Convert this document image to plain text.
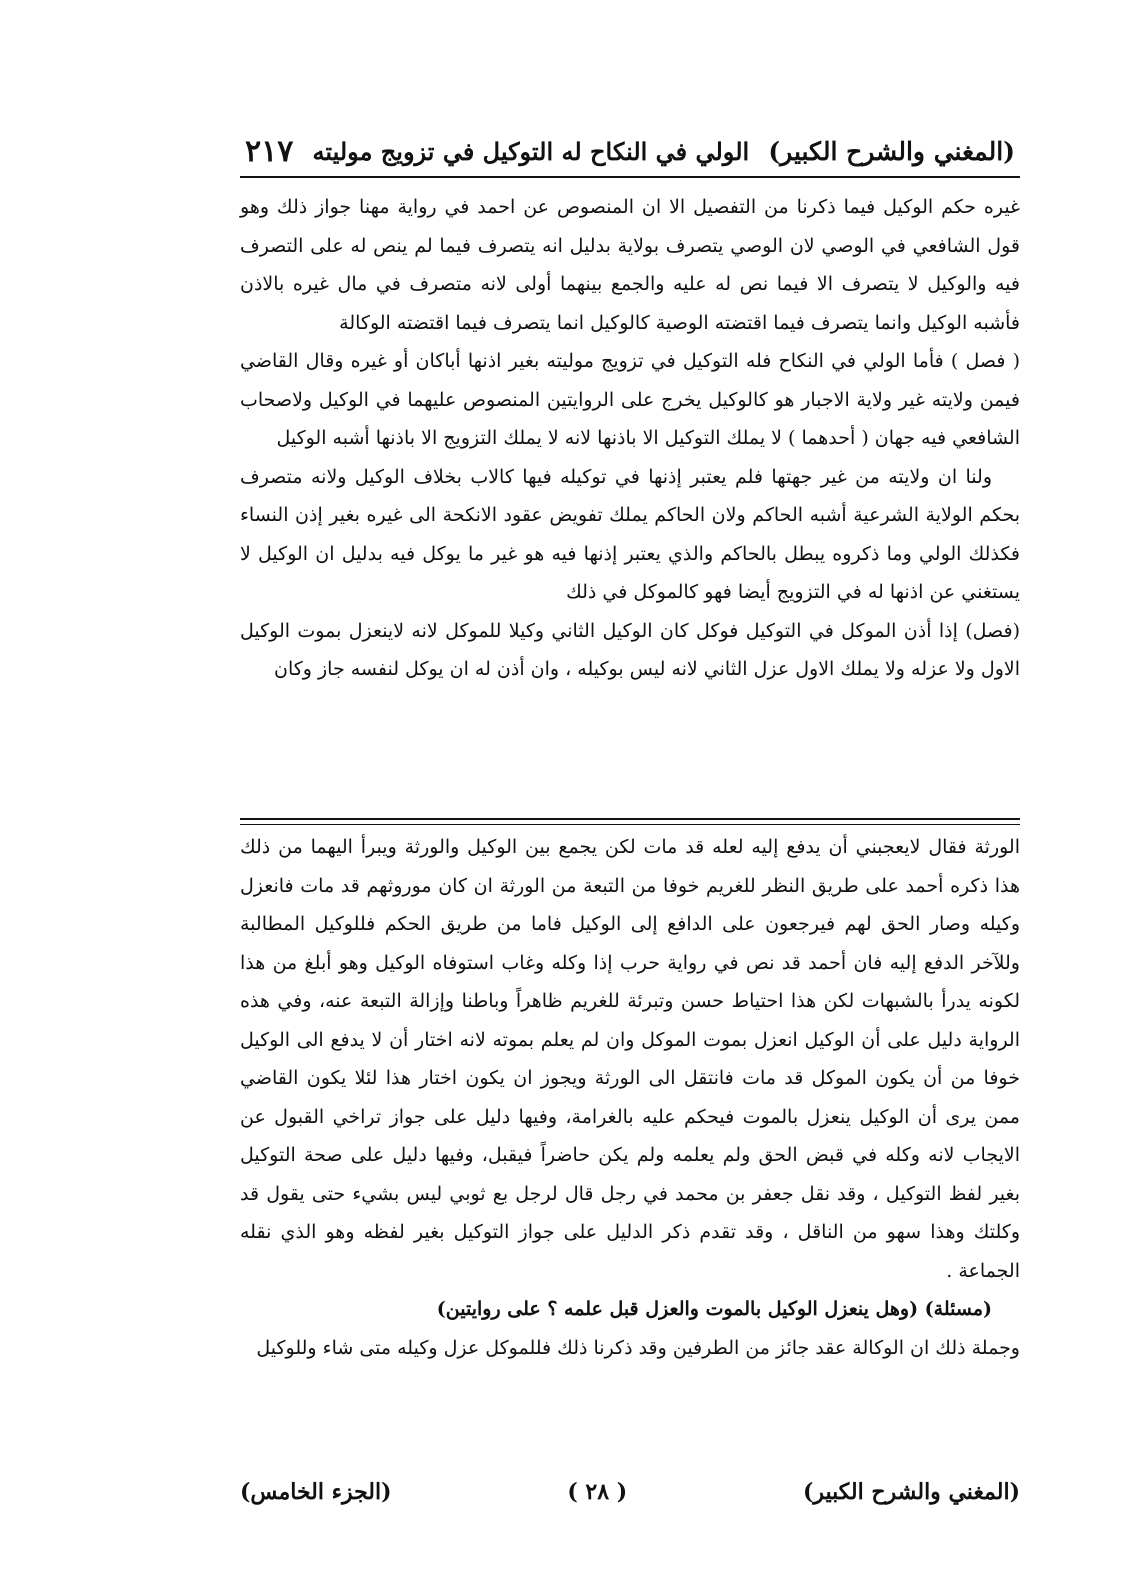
(المغني والشرح الكبير)
الولي في النكاح له التوكيل في تزويج موليته
٢١٧

غيره حكم الوكيل فيما ذكرنا من التفصيل الا ان المنصوص عن احمد في رواية مهنا جواز ذلك وهو قول الشافعي في الوصي لان الوصي يتصرف بولاية بدليل انه يتصرف فيما لم ينص له على التصرف فيه والوكيل لا يتصرف الا فيما نص له عليه والجمع بينهما أولى لانه متصرف في مال غيره بالاذن فأشبه الوكيل وانما يتصرف فيما اقتضته الوصية كالوكيل انما يتصرف فيما اقتضته الوكالة

( فصل ) فأما الولي في النكاح فله التوكيل في تزويج موليته بغير اذنها أباكان أو غيره وقال القاضي فيمن ولايته غير ولاية الاجبار هو كالوكيل يخرج على الروايتين المنصوص عليهما في الوكيل ولاصحاب الشافعي فيه جهان ( أحدهما ) لا يملك التوكيل الا باذنها لانه لا يملك التزويج الا باذنها أشبه الوكيل

ولنا ان ولايته من غير جهتها فلم يعتبر إذنها في توكيله فيها كالاب بخلاف الوكيل ولانه متصرف بحكم الولاية الشرعية أشبه الحاكم ولان الحاكم يملك تفويض عقود الانكحة الى غيره بغير إذن النساء فكذلك الولي وما ذكروه يبطل بالحاكم والذي يعتبر إذنها فيه هو غير ما يوكل فيه بدليل ان الوكيل لا يستغني عن اذنها له في التزويج أيضا فهو كالموكل في ذلك

(فصل) إذا أذن الموكل في التوكيل فوكل كان الوكيل الثاني وكيلا للموكل لانه لاينعزل بموت الوكيل الاول ولا عزله ولا يملك الاول عزل الثاني لانه ليس بوكيله ، وان أذن له ان يوكل لنفسه جاز وكان

الورثة فقال لايعجبني أن يدفع إليه لعله قد مات لكن يجمع بين الوكيل والورثة ويبرأ اليهما من ذلك هذا ذكره أحمد على طريق النظر للغريم خوفا من التبعة من الورثة ان كان موروثهم قد مات فانعزل وكيله وصار الحق لهم فيرجعون على الدافع إلى الوكيل فاما من طريق الحكم فللوكيل المطالبة وللآخر الدفع إليه فان أحمد قد نص في رواية حرب إذا وكله وغاب استوفاه الوكيل وهو أبلغ من هذا لكونه يدرأ بالشبهات لكن هذا احتياط حسن وتبرئة للغريم ظاهراً وباطنا وإزالة التبعة عنه، وفي هذه الرواية دليل على أن الوكيل انعزل بموت الموكل وان لم يعلم بموته لانه اختار أن لا يدفع الى الوكيل خوفا من أن يكون الموكل قد مات فانتقل الى الورثة ويجوز ان يكون اختار هذا لئلا يكون القاضي ممن يرى أن الوكيل ينعزل بالموت فيحكم عليه بالغرامة، وفيها دليل على جواز تراخي القبول عن الايجاب لانه وكله في قبض الحق ولم يعلمه ولم يكن حاضراً فيقبل، وفيها دليل على صحة التوكيل بغير لفظ التوكيل ، وقد نقل جعفر بن محمد في رجل قال لرجل بع ثوبي ليس بشيء حتى يقول قد وكلتك وهذا سهو من الناقل ، وقد تقدم ذكر الدليل على جواز التوكيل بغير لفظه وهو الذي نقله الجماعة .

(مسئلة) (وهل ينعزل الوكيل بالموت والعزل قبل علمه ؟ على روايتين)

وجملة ذلك ان الوكالة عقد جائز من الطرفين وقد ذكرنا ذلك فللموكل عزل وكيله متى شاء وللوكيل

(المغني والشرح الكبير)
( ٢٨ )
(الجزء الخامس)
